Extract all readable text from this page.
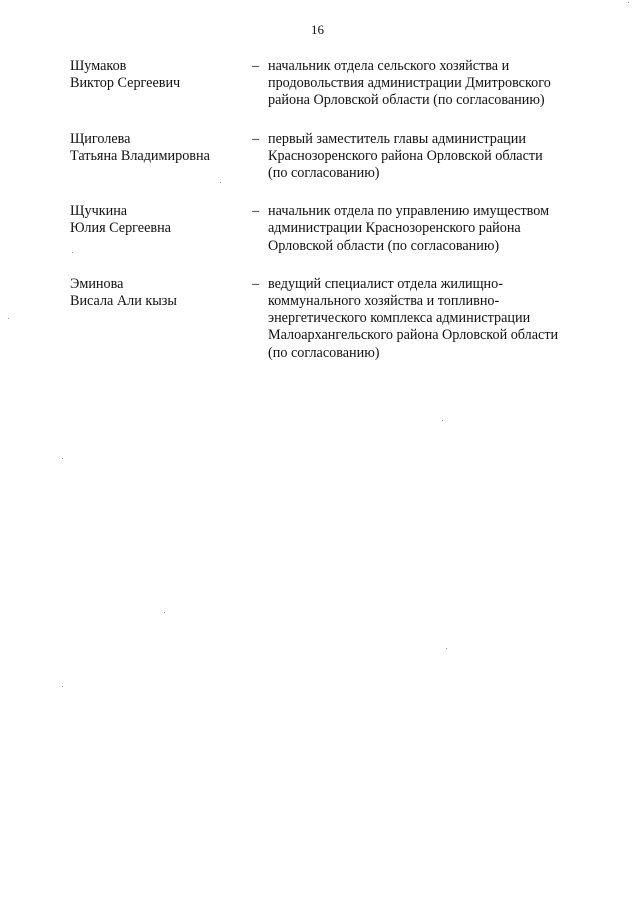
16
Шумаков
Виктор Сергеевич
– начальник отдела сельского хозяйства и
продовольствия администрации Дмитровского
района Орловской области (по согласованию)
Щиголева
Татьяна Владимировна
– первый заместитель главы администрации
Краснозоренского района Орловской области
(по согласованию)
Щучкина
Юлия Сергеевна
– начальник отдела по управлению имуществом
администрации Краснозоренского района
Орловской области (по согласованию)
Эминова
Висала Али кызы
– ведущий специалист отдела жилищно-
коммунального хозяйства и топливно-
энергетического комплекса администрации
Малоархангельского района Орловской области
(по согласованию)
